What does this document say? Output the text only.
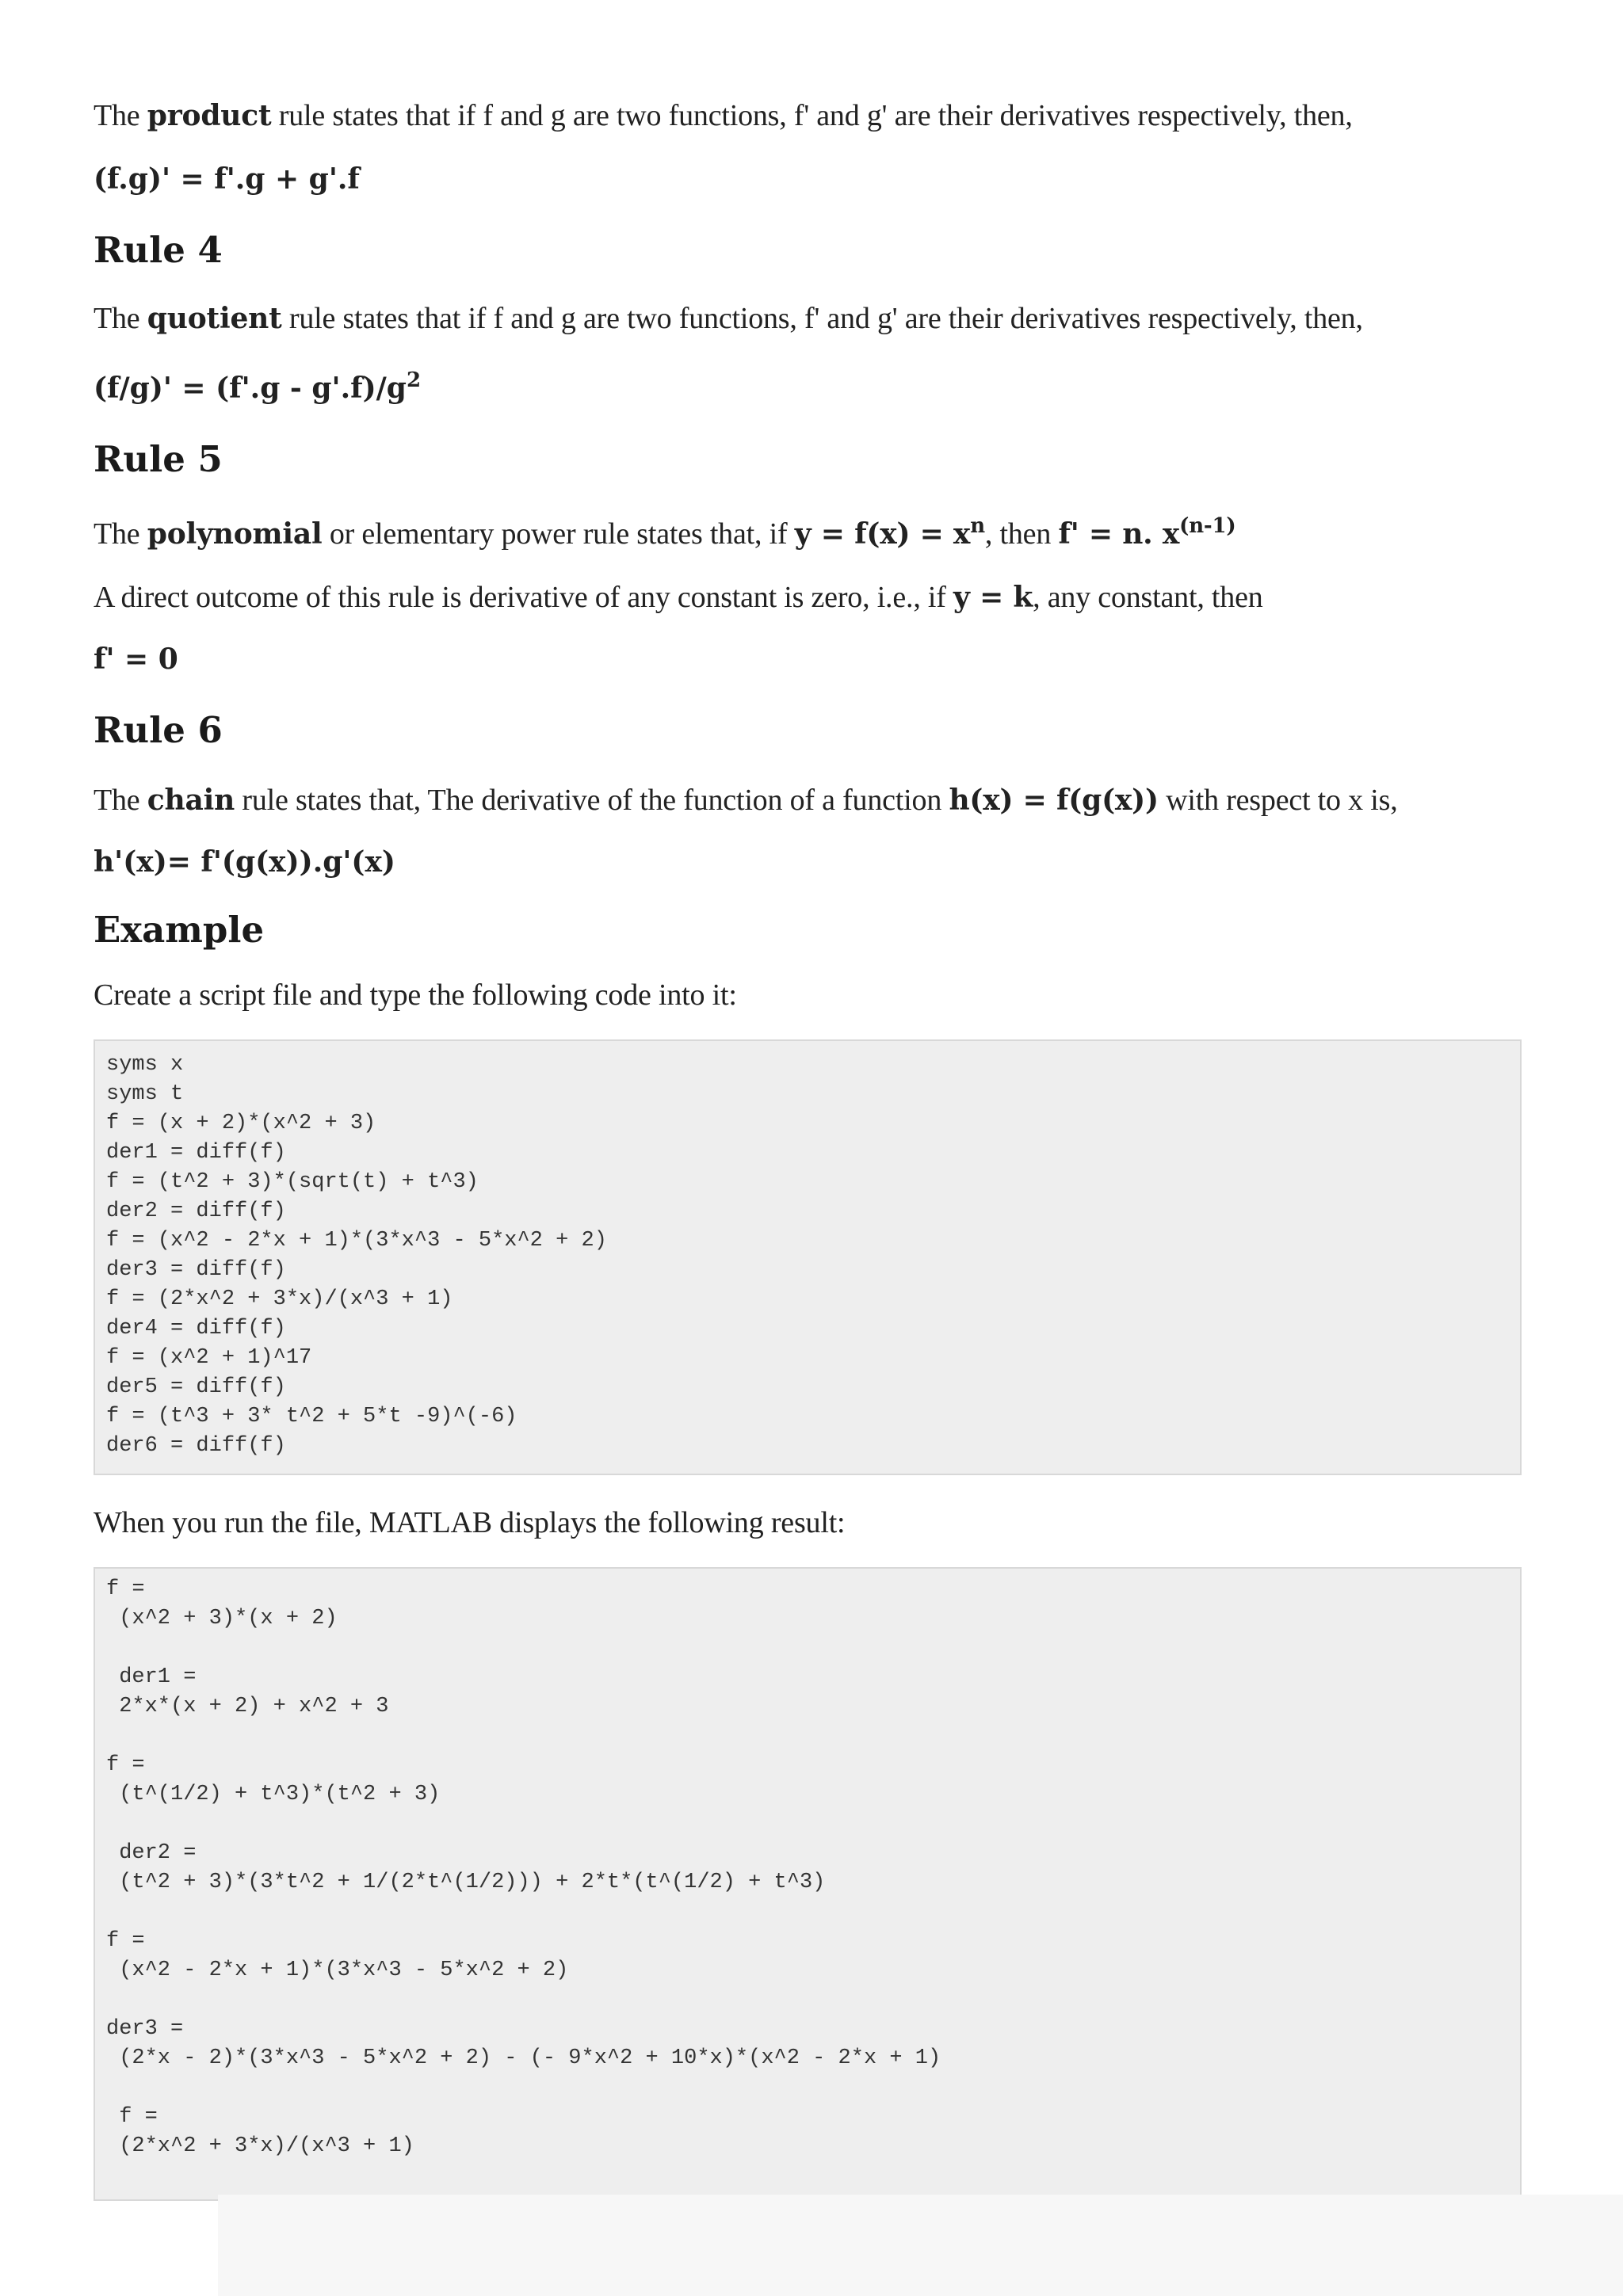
The product rule states that if f and g are two functions, f' and g' are their derivatives respectively, then,
(f.g)' = f'.g + g'.f
Rule 4
The quotient rule states that if f and g are two functions, f' and g' are their derivatives respectively, then,
$(f/g)' = (f'.g - g'.f)/g^2$
Rule 5
The polynomial or elementary power rule states that, if $y = f(x) = x^n$, then f' = n. $x^{(n-1)}$
A direct outcome of this rule is derivative of any constant is zero, i.e., if y = k, any constant, then
f' = 0
Rule 6
The chain rule states that, The derivative of the function of a function h(x) = f(g(x)) with respect to x is,
h'(x)= f'(g(x)).g'(x)
Example
Create a script file and type the following code into it:
syms x
syms t
f = (x + 2)*(x^2 + 3)
der1 = diff(f)
f = (t^2 + 3)*(sqrt(t) + t^3)
der2 = diff(f)
f = (x^2 - 2*x + 1)*(3*x^3 - 5*x^2 + 2)
der3 = diff(f)
f = (2*x^2 + 3*x)/(x^3 + 1)
der4 = diff(f)
f = (x^2 + 1)^17
der5 = diff(f)
f = (t^3 + 3* t^2 + 5*t -9)^(-6)
der6 = diff(f)
When you run the file, MATLAB displays the following result:
f =
(x^2 + 3)*(x + 2)
der1 =
2*x*(x + 2) + x^2 + 3
f =
(t^(1/2) + t^3)*(t^2 + 3)
der2 =
(t^2 + 3)*(3*t^2 + 1/(2*t^(1/2))) + 2*t*(t^(1/2) + t^3)
f =
(x^2 - 2*x + 1)*(3*x^3 - 5*x^2 + 2)
der3 =
(2*x - 2)*(3*x^3 - 5*x^2 + 2) - (- 9*x^2 + 10*x)*(x^2 - 2*x + 1)
f =
(2*x^2 + 3*x)/(x^3 + 1)
